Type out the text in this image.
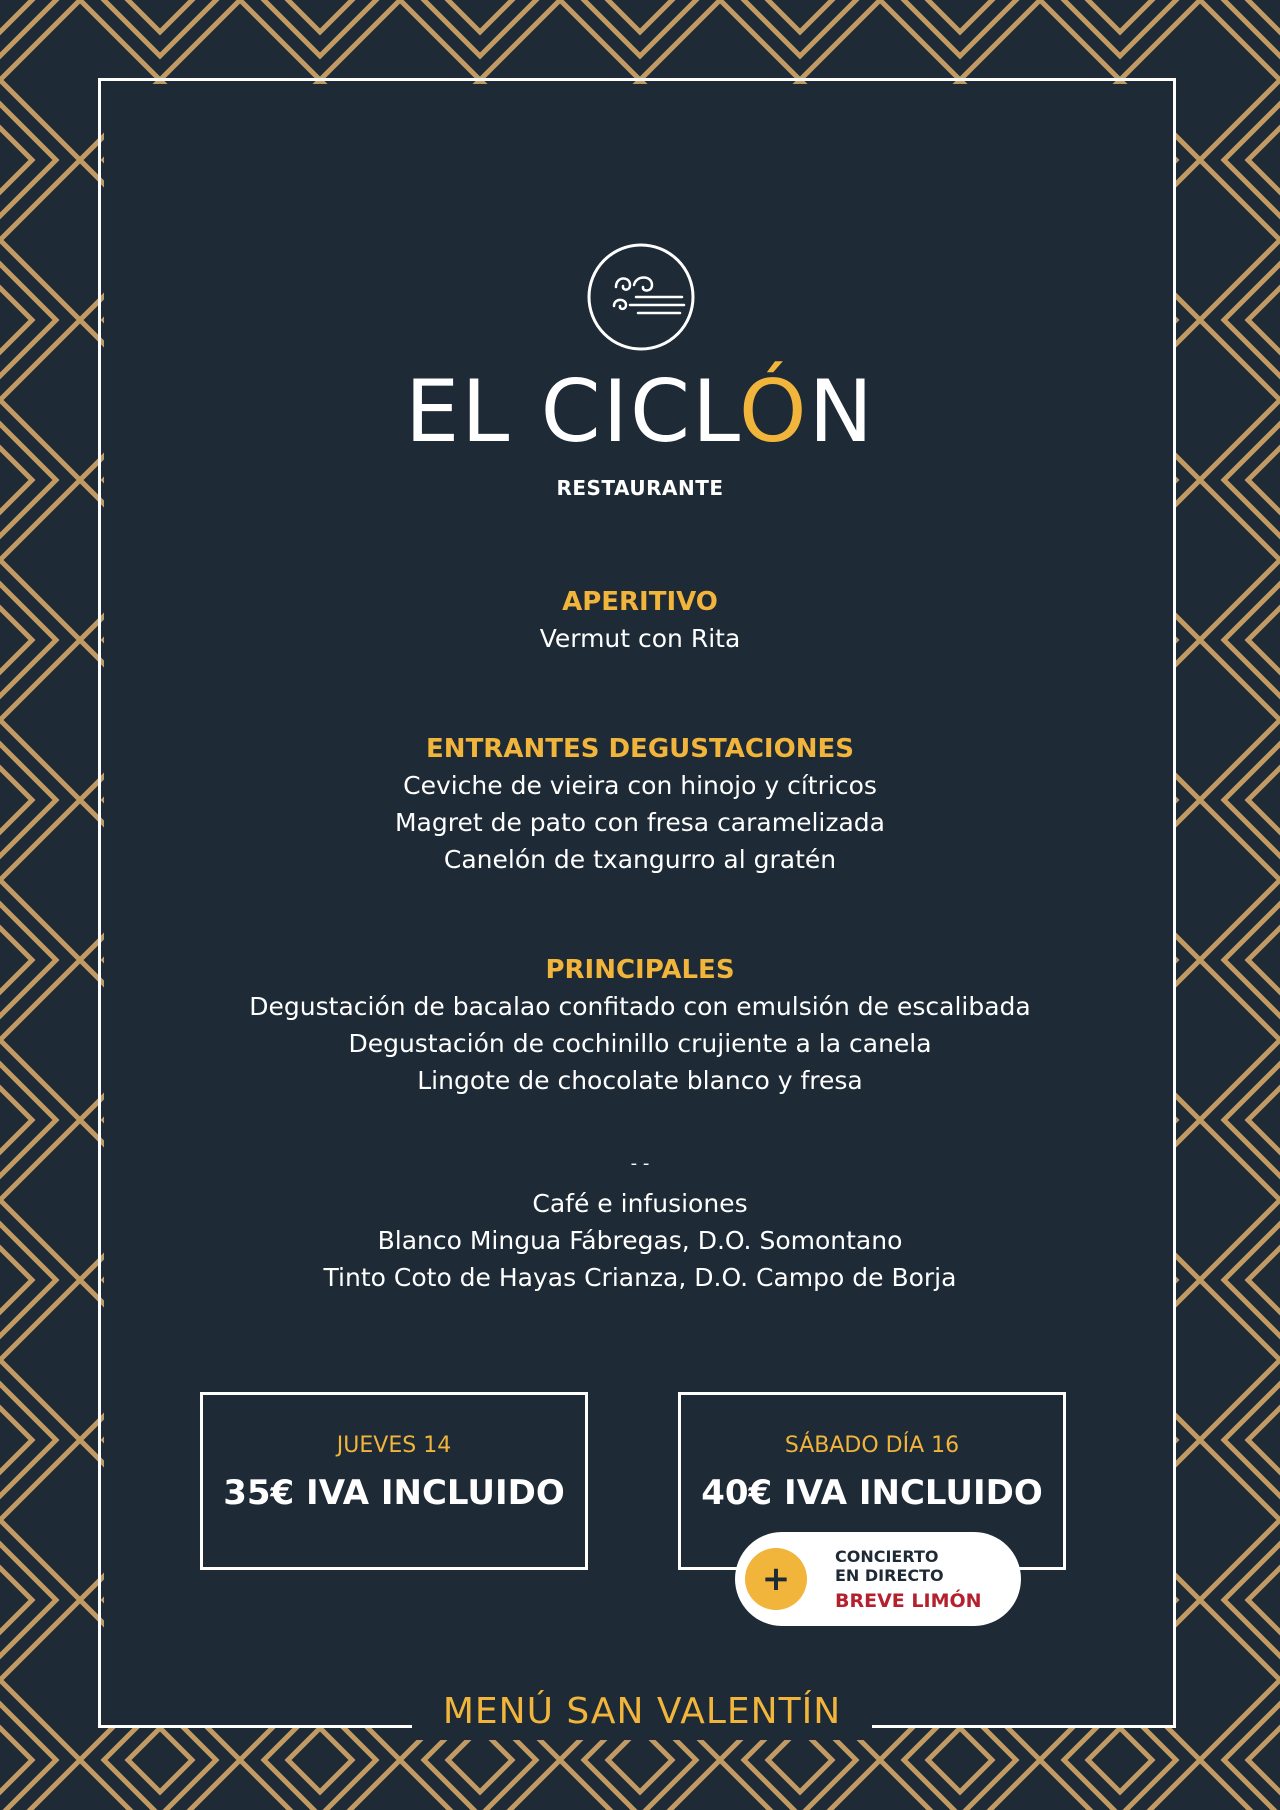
EL CICLÓN
RESTAURANTE
APERITIVO
Vermut con Rita
ENTRANTES DEGUSTACIONES
Ceviche de vieira con hinojo y cítricos
Magret de pato con fresa caramelizada
Canelón de txangurro al gratén
PRINCIPALES
Degustación de bacalao confitado con emulsión de escalibada
Degustación de cochinillo crujiente a la canela
Lingote de chocolate blanco y fresa
- -
Café e infusiones
Blanco Mingua Fábregas, D.O. Somontano
Tinto Coto de Hayas Crianza, D.O. Campo de Borja
JUEVES 14
35€ IVA INCLUIDO
SÁBADO DÍA 16
40€ IVA INCLUIDO
+
CONCIERTO
EN DIRECTO
BREVE LIMÓN
MENÚ SAN VALENTÍN
